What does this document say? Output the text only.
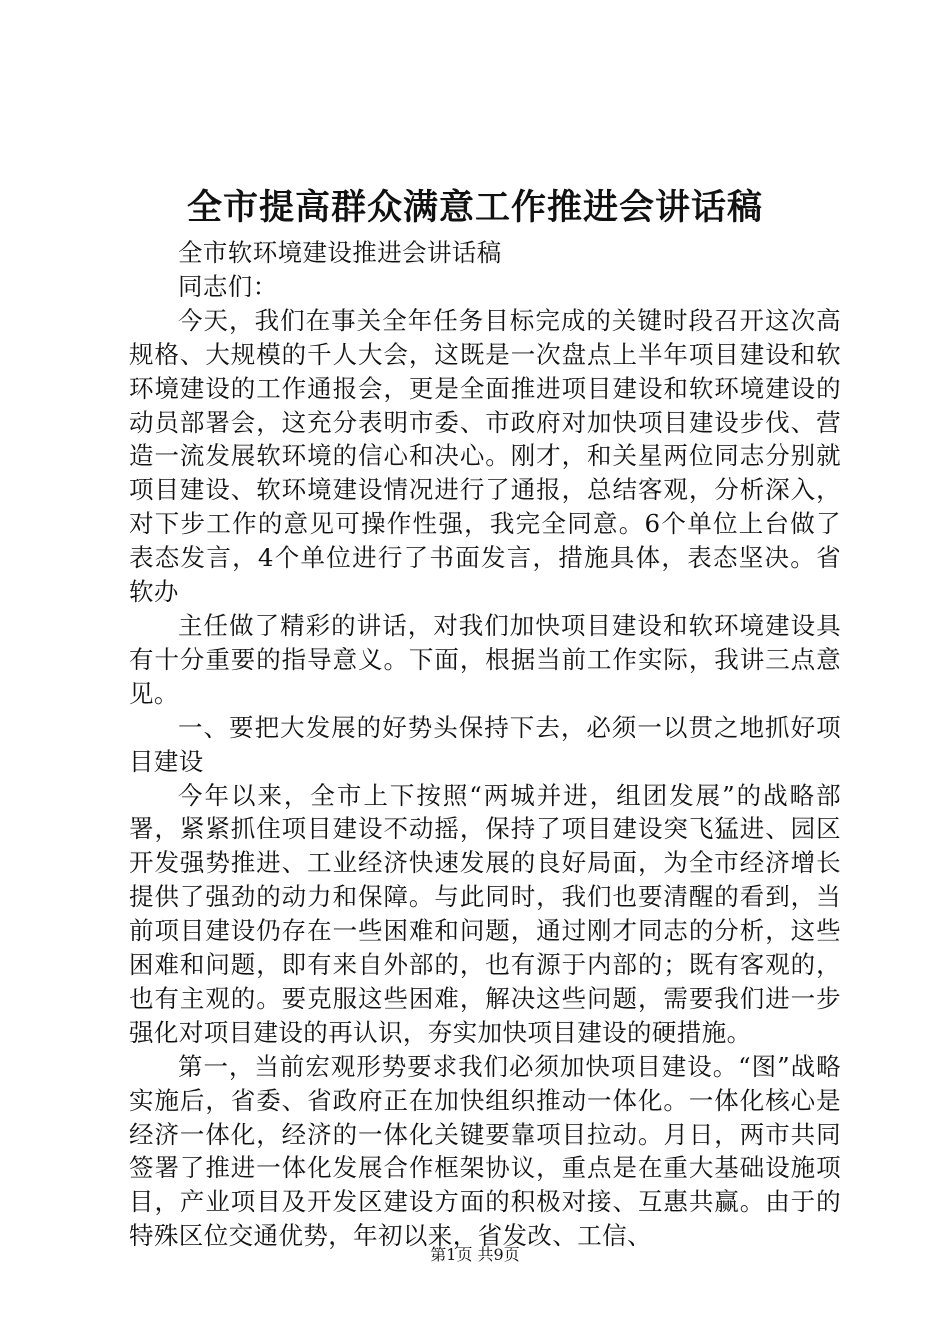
全市提高群众满意工作推进会讲话稿

全市软环境建设推进会讲话稿

同志们：

今天，我们在事关全年任务目标完成的关键时段召开这次高规格、大规模的千人大会，这既是一次盘点上半年项目建设和软环境建设的工作通报会，更是全面推进项目建设和软环境建设的动员部署会，这充分表明市委、市政府对加快项目建设步伐、营造一流发展软环境的信心和决心。刚才，和关星两位同志分别就项目建设、软环境建设情况进行了通报，总结客观，分析深入，对下步工作的意见可操作性强，我完全同意。6个单位上台做了表态发言，4个单位进行了书面发言，措施具体，表态坚决。省软办

主任做了精彩的讲话，对我们加快项目建设和软环境建设具有十分重要的指导意义。下面，根据当前工作实际，我讲三点意见。

一、要把大发展的好势头保持下去，必须一以贯之地抓好项目建设

今年以来，全市上下按照“两城并进，组团发展”的战略部署，紧紧抓住项目建设不动摇，保持了项目建设突飞猛进、园区开发强势推进、工业经济快速发展的良好局面，为全市经济增长提供了强劲的动力和保障。与此同时，我们也要清醒的看到，当前项目建设仍存在一些困难和问题，通过刚才同志的分析，这些困难和问题，即有来自外部的，也有源于内部的；既有客观的，也有主观的。要克服这些困难，解决这些问题，需要我们进一步强化对项目建设的再认识，夯实加快项目建设的硬措施。

第一，当前宏观形势要求我们必须加快项目建设。“图”战略实施后，省委、省政府正在加快组织推动一体化。一体化核心是经济一体化，经济的一体化关键要靠项目拉动。月日，两市共同签署了推进一体化发展合作框架协议，重点是在重大基础设施项目，产业项目及开发区建设方面的积极对接、互惠共赢。由于的特殊区位交通优势，年初以来，省发改、工信、

第1页 共9页
